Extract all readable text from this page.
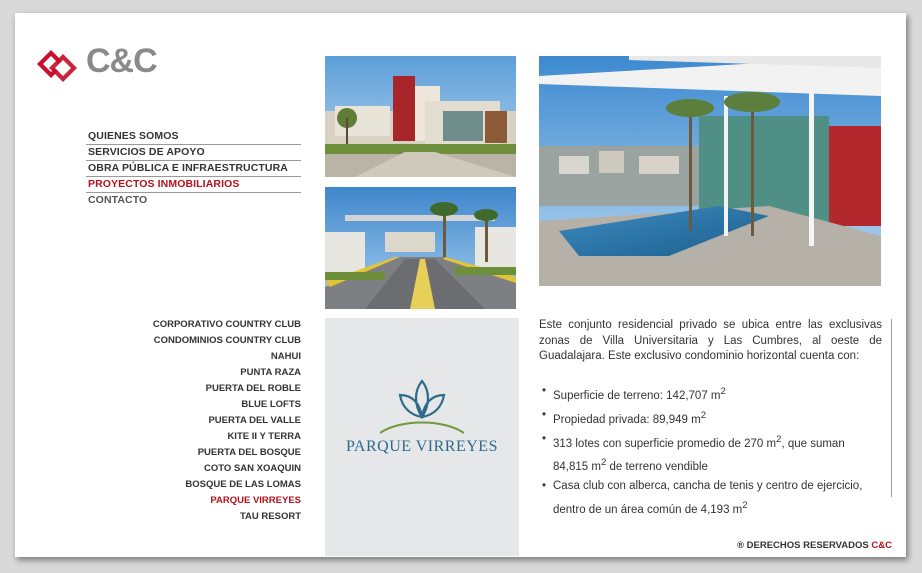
C&C
QUIENES SOMOS
SERVICIOS DE APOYO
OBRA PÚBLICA E INFRAESTRUCTURA
PROYECTOS INMOBILIARIOS
CONTACTO
CORPORATIVO COUNTRY CLUB
CONDOMINIOS COUNTRY CLUB
NAHUI
PUNTA RAZA
PUERTA DEL ROBLE
BLUE LOFTS
PUERTA DEL VALLE
KITE II Y TERRA
PUERTA DEL BOSQUE
COTO SAN XOAQUIN
BOSQUE DE LAS LOMAS
PARQUE VIRREYES
TAU RESORT
PARQUE VIRREYES
Este conjunto residencial privado se ubica entre las exclusivas zonas de Villa Universitaria y Las Cumbres, al oeste de Guadalajara. Este exclusivo condominio horizontal cuenta con:
• Superficie de terreno: 142,707 $m^2$
• Propiedad privada: 89,949 $m^2$
• 313 lotes con superficie promedio de 270 $m^2$, que suman
84,815 $m^2$ de terreno vendible
• Casa club con alberca, cancha de tenis y centro de ejercicio,
dentro de un área común de 4,193 $m^2$
® DERECHOS RESERVADOS C&C
